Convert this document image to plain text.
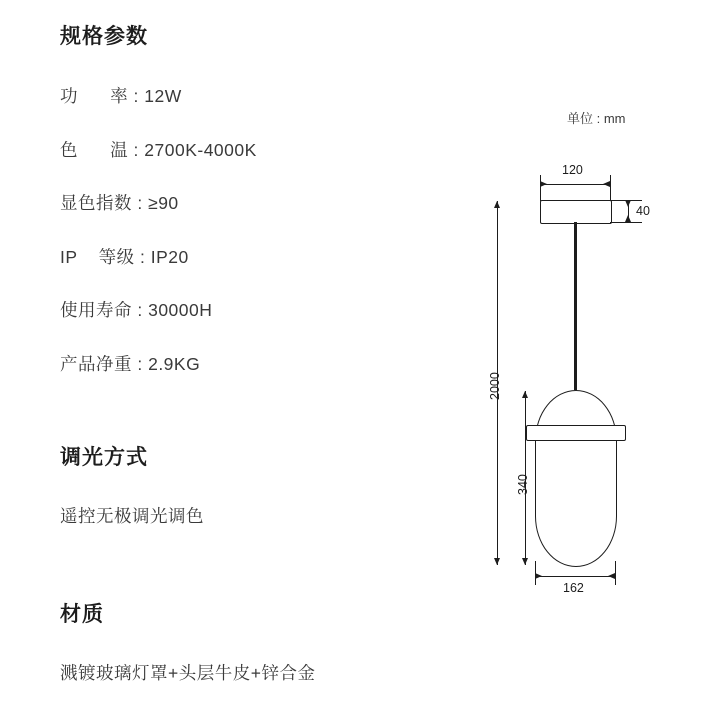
规格参数
功      率 : 12W
色      温 : 2700K-4000K
显色指数 : ≥90
IP    等级 : IP20
使用寿命 : 30000H
产品净重 : 2.9KG
调光方式
遥控无极调光调色
材质
溅镀玻璃灯罩+头层牛皮+锌合金
单位 : mm
120
40
2000
340
162
